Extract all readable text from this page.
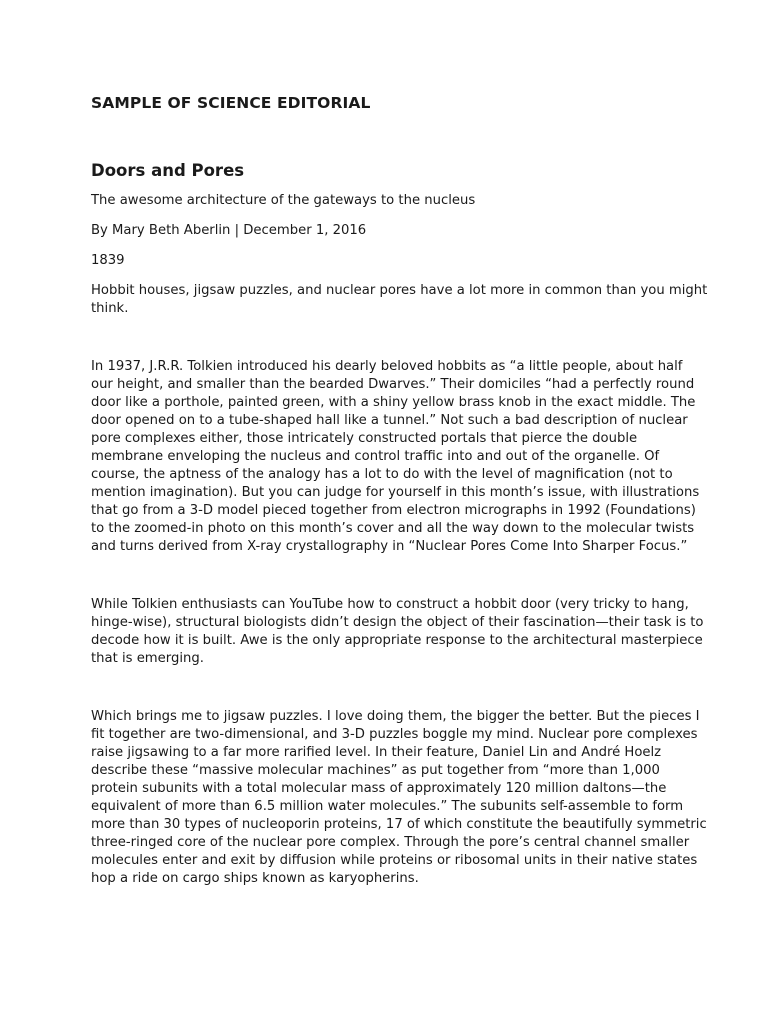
SAMPLE OF SCIENCE EDITORIAL
Doors and Pores

The awesome architecture of the gateways to the nucleus

By Mary Beth Aberlin | December 1, 2016

1839

Hobbit houses, jigsaw puzzles, and nuclear pores have a lot more in common than you might think.

In 1937, J.R.R. Tolkien introduced his dearly beloved hobbits as “a little people, about half our height, and smaller than the bearded Dwarves.” Their domiciles “had a perfectly round door like a porthole, painted green, with a shiny yellow brass knob in the exact middle. The door opened on to a tube-shaped hall like a tunnel.” Not such a bad description of nuclear pore complexes either, those intricately constructed portals that pierce the double membrane enveloping the nucleus and control traffic into and out of the organelle. Of course, the aptness of the analogy has a lot to do with the level of magnification (not to mention imagination). But you can judge for yourself in this month’s issue, with illustrations that go from a 3-D model pieced together from electron micrographs in 1992 (Foundations) to the zoomed-in photo on this month’s cover and all the way down to the molecular twists and turns derived from X-ray crystallography in “Nuclear Pores Come Into Sharper Focus.”

While Tolkien enthusiasts can YouTube how to construct a hobbit door (very tricky to hang, hinge-wise), structural biologists didn’t design the object of their fascination—their task is to decode how it is built. Awe is the only appropriate response to the architectural masterpiece that is emerging.

Which brings me to jigsaw puzzles. I love doing them, the bigger the better. But the pieces I fit together are two-dimensional, and 3-D puzzles boggle my mind. Nuclear pore complexes raise jigsawing to a far more rarified level. In their feature, Daniel Lin and André Hoelz describe these “massive molecular machines” as put together from “more than 1,000 protein subunits with a total molecular mass of approximately 120 million daltons—the equivalent of more than 6.5 million water molecules.” The subunits self-assemble to form more than 30 types of nucleoporin proteins, 17 of which constitute the beautifully symmetric three-ringed core of the nuclear pore complex. Through the pore’s central channel smaller molecules enter and exit by diffusion while proteins or ribosomal units in their native states hop a ride on cargo ships known as karyopherins.
